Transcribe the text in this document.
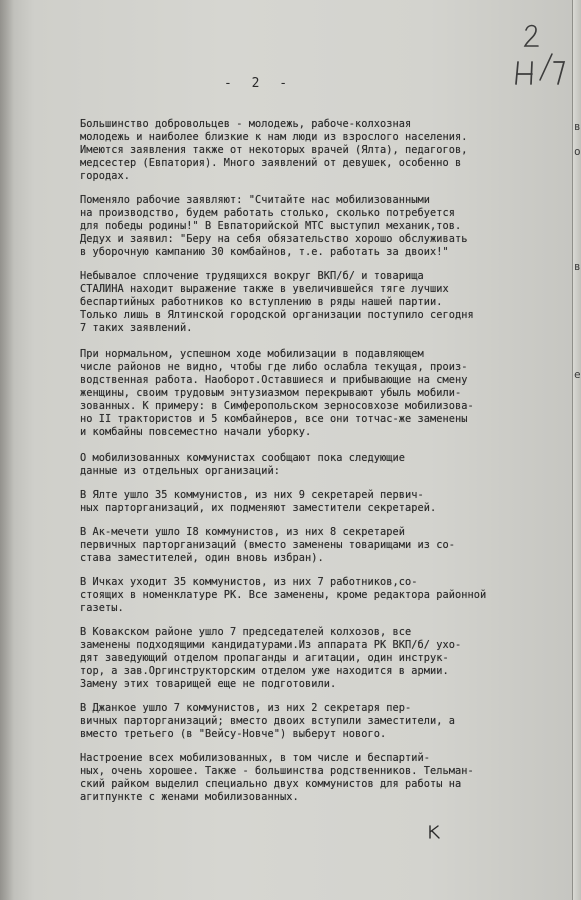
- 2 -
Большинство добровольцев - молодежь, рабоче-колхозная
молодежь и наиболее близкие к нам люди из взрослого населения.
Имеются заявления также от некоторых врачей (Ялта), педагогов,
медсестер (Евпатория). Много заявлений от девушек, особенно в
городах.
Поменяло рабочие заявляют: "Считайте нас мобилизованными
на производство, будем работать столько, сколько потребуется
для победы родины!" В Евпаторийской МТС выступил механик,тов.
Дедух и заявил: "Беру на себя обязательство хорошо обслуживать
в уборочную кампанию 30 комбайнов, т.е. работать за двоих!"
Небывалое сплочение трудящихся вокруг ВКП/б/ и товарища
СТАЛИНА находит выражение также в увеличившейся тяге лучших
беспартийных работников ко вступлению в ряды нашей партии.
Только лишь в Ялтинской городской организации поступило сегодня
7 таких заявлений.
При нормальном, успешном ходе мобилизации в подавляющем
числе районов не видно, чтобы где либо ослабла текущая, произ-
водственная работа. Наоборот.Оставшиеся и прибывающие на смену
женщины, своим трудовым энтузиазмом перекрывают убыль мобили-
зованных. К примеру: в Симферопольском зерносовхозе мобилизова-
но II трактористов и 5 комбайнеров, все они тотчас-же заменены
и комбайны повсеместно начали уборку.
О мобилизованных коммунистах сообщают пока следующие
данные из отдельных организаций:
В Ялте ушло 35 коммунистов, из них 9 секретарей первич-
ных парторганизаций, их подменяют заместители секретарей.
В Ак-мечети ушло I8 коммунистов, из них 8 секретарей
первичных парторганизаций (вместо заменены товарищами из со-
става заместителей, один вновь избран).
В Ичках уходит 35 коммунистов, из них 7 работников,со-
стоящих в номенклатуре РК. Все заменены, кроме редактора районной
газеты.
В Ковакском районе ушло 7 председателей колхозов, все
заменены подходящими кандидатурами.Из аппарата РК ВКП/б/ ухо-
дят заведующий отделом пропаганды и агитации, один инструк-
тор, а зав.Оргинструкторским отделом уже находится в армии.
Замену этих товарищей еще не подготовили.
В Джанкое ушло 7 коммунистов, из них 2 секретаря пер-
вичных парторганизаций; вместо двоих вступили заместители, а
вместо третьего (в "Вейсу-Новче") выберут нового.
Настроение всех мобилизованных, в том числе и беспартий-
ных, очень хорошее. Также - большинства родственников. Тельман-
ский райком выделил специально двух коммунистов для работы на
агитпункте с женами мобилизованных.
в
о
в
е
